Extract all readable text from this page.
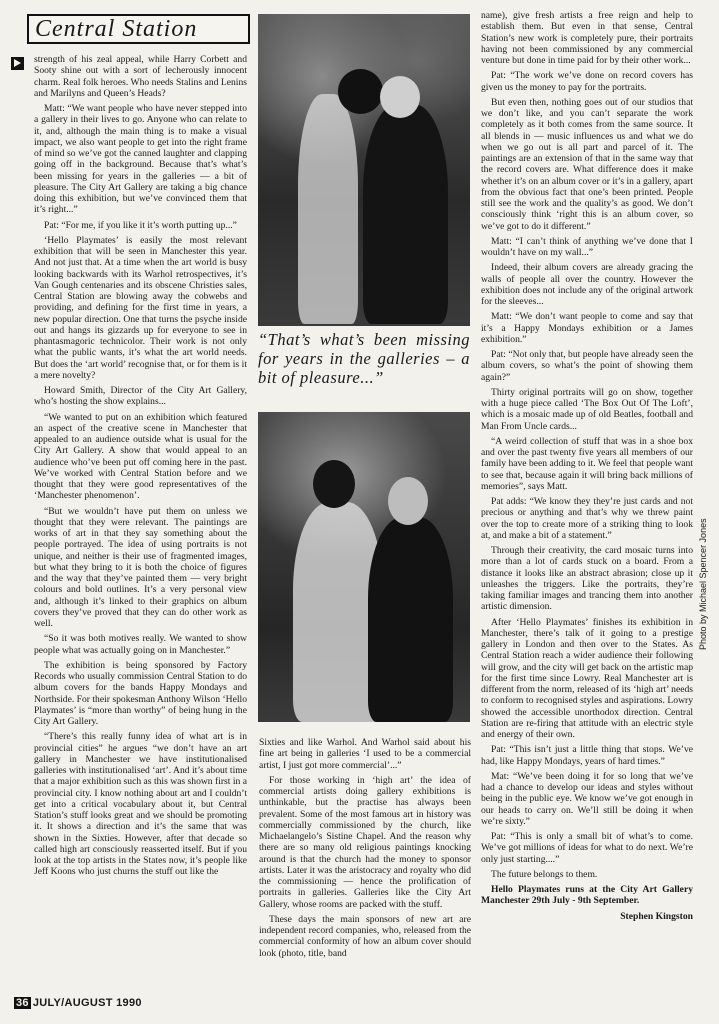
Central Station

strength of his zeal appeal, while Harry Corbett and Sooty shine out with a sort of lecherously innocent charm. Real folk heroes. Who needs Stalins and Lenins and Marilyns and Queen’s Heads?

Matt: “We want people who have never stepped into a gallery in their lives to go. Anyone who can relate to it, and, although the main thing is to make a visual impact, we also want people to get into the right frame of mind so we’ve got the canned laughter and clapping going off in the background. Because that’s what’s been missing for years in the galleries — a bit of pleasure. The City Art Gallery are taking a big chance doing this exhibition, but we’ve convinced them that it’s right...”

Pat: “For me, if you like it it’s worth putting up...”

‘Hello Playmates’ is easily the most relevant exhibition that will be seen in Manchester this year. And not just that. At a time when the art world is busy looking backwards with its Warhol retrospectives, it’s Van Gough centenaries and its obscene Christies sales, Central Station are blowing away the cobwebs and providing, and defining for the first time in years, a new popular direction. One that turns the psyche inside out and hangs its gizzards up for everyone to see in phantasmagoric technicolor. Their work is not only what the public wants, it’s what the art world needs. But does the ‘art world’ recognise that, or for them is it a mere novelty?

Howard Smith, Director of the City Art Gallery, who’s hosting the show explains...

“We wanted to put on an exhibition which featured an aspect of the creative scene in Manchester that appealed to an audience outside what is usual for the City Art Gallery. A show that would appeal to an audience who’ve been put off coming here in the past. We’ve worked with Central Station before and we thought that they were good representatives of the ‘Manchester phenomenon’.

“But we wouldn’t have put them on unless we thought that they were relevant. The paintings are works of art in that they say something about the people portrayed. The idea of using portraits is not unique, and neither is their use of fragmented images, but what they bring to it is both the choice of figures and the way that they’ve painted them — very bright colours and bold outlines. It’s a very personal view and, although it’s linked to their graphics on album covers they’ve proved that they can do other work as well.

“So it was both motives really. We wanted to show people what was actually going on in Manchester.”

The exhibition is being sponsored by Factory Records who usually commission Central Station to do album covers for the bands Happy Mondays and Northside. For their spokesman Anthony Wilson ‘Hello Playmates’ is “more than worthy” of being hung in the City Art Gallery.

“There’s this really funny idea of what art is in provincial cities” he argues “we don’t have an art gallery in Manchester we have institutionalised galleries with institutionalised ‘art’. And it’s about time that a major exhibition such as this was shown first in a provincial city. I know nothing about art and I couldn’t get into a critical vocabulary about it, but Central Station’s stuff looks great and we should be promoting it. It shows a direction and it’s the same that was shown in the Sixties. However, after that decade so called high art consciously reasserted itself. But if you look at the top artists in the States now, it’s people like Jeff Koons who just churns the stuff out like the

“That’s what’s been missing for years in the galleries – a bit of pleasure...”

Sixties and like Warhol. And Warhol said about his fine art being in galleries ‘I used to be a commercial artist, I just got more commercial’...”

For those working in ‘high art’ the idea of commercial artists doing gallery exhibitions is unthinkable, but the practise has always been prevalent. Some of the most famous art in history was commercially commissioned by the church, like Michaelangelo’s Sistine Chapel. And the reason why there are so many old religious paintings knocking around is that the church had the money to sponsor artists. Later it was the aristocracy and royalty who did the commissioning — hence the prolification of portraits in galleries. Galleries like the City Art Gallery, whose rooms are packed with the stuff.

These days the main sponsors of new art are independent record companies, who, released from the commercial conformity of how an album cover should look (photo, title, band

name), give fresh artists a free reign and help to establish them. But even in that sense, Central Station’s new work is completely pure, their portraits having not been commissioned by any commercial venture but done in time paid for by their other work...

Pat: “The work we’ve done on record covers has given us the money to pay for the portraits.

But even then, nothing goes out of our studios that we don’t like, and you can’t separate the work completely as it both comes from the same source. It all blends in — music influences us and what we do when we go out is all part and parcel of it. The paintings are an extension of that in the same way that the record covers are. What difference does it make whether it’s on an album cover or it’s in a gallery, apart from the obvious fact that one’s been printed. People still see the work and the quality’s as good. We don’t consciously think ‘right this is an album cover, so we’ve got to do it different.”

Matt: “I can’t think of anything we’ve done that I wouldn’t have on my wall...”

Indeed, their album covers are already gracing the walls of people all over the country. However the exhibition does not include any of the original artwork for the sleeves...

Matt: “We don’t want people to come and say that it’s a Happy Mondays exhibition or a James exhibition.”

Pat: “Not only that, but people have already seen the album covers, so what’s the point of showing them again?”

Thirty original portraits will go on show, together with a huge piece called ‘The Box Out Of The Loft’, which is a mosaic made up of old Beatles, football and Man From Uncle cards...

“A weird collection of stuff that was in a shoe box and over the past twenty five years all members of our family have been adding to it. We feel that people want to see that, because again it will bring back millions of memories”, says Matt.

Pat adds: “We know they they’re just cards and not precious or anything and that’s why we threw paint over the top to create more of a striking thing to look at, and make a bit of a statement.”

Through their creativity, the card mosaic turns into more than a lot of cards stuck on a board. From a distance it looks like an abstract abrasion; close up it unleashes the triggers. Like the portraits, they’re taking familiar images and trancing them into another artistic dimension.

After ‘Hello Playmates’ finishes its exhibition in Manchester, there’s talk of it going to a prestige gallery in London and then over to the States. As Central Station reach a wider audience their following will grow, and the city will get back on the artistic map for the first time since Lowry. Real Manchester art is different from the norm, released of its ‘high art’ needs to conform to recognised styles and aspirations. Lowry showed the accessible unorthodox direction. Central Station are re-firing that attitude with an electric style and energy of their own.

Pat: “This isn’t just a little thing that stops. We’ve had, like Happy Mondays, years of hard times.”

Mat: “We’ve been doing it for so long that we’ve had a chance to develop our ideas and styles without being in the public eye. We know we’ve got enough in our heads to carry on. We’ll still be doing it when we’re sixty.”

Pat: “This is only a small bit of what’s to come. We’ve got millions of ideas for what to do next. We’re only just starting....”

The future belongs to them.

Hello Playmates runs at the City Art Gallery Manchester 29th July - 9th September.

Stephen Kingston

Photo by Michael Spencer Jones
36 JULY/AUGUST 1990
